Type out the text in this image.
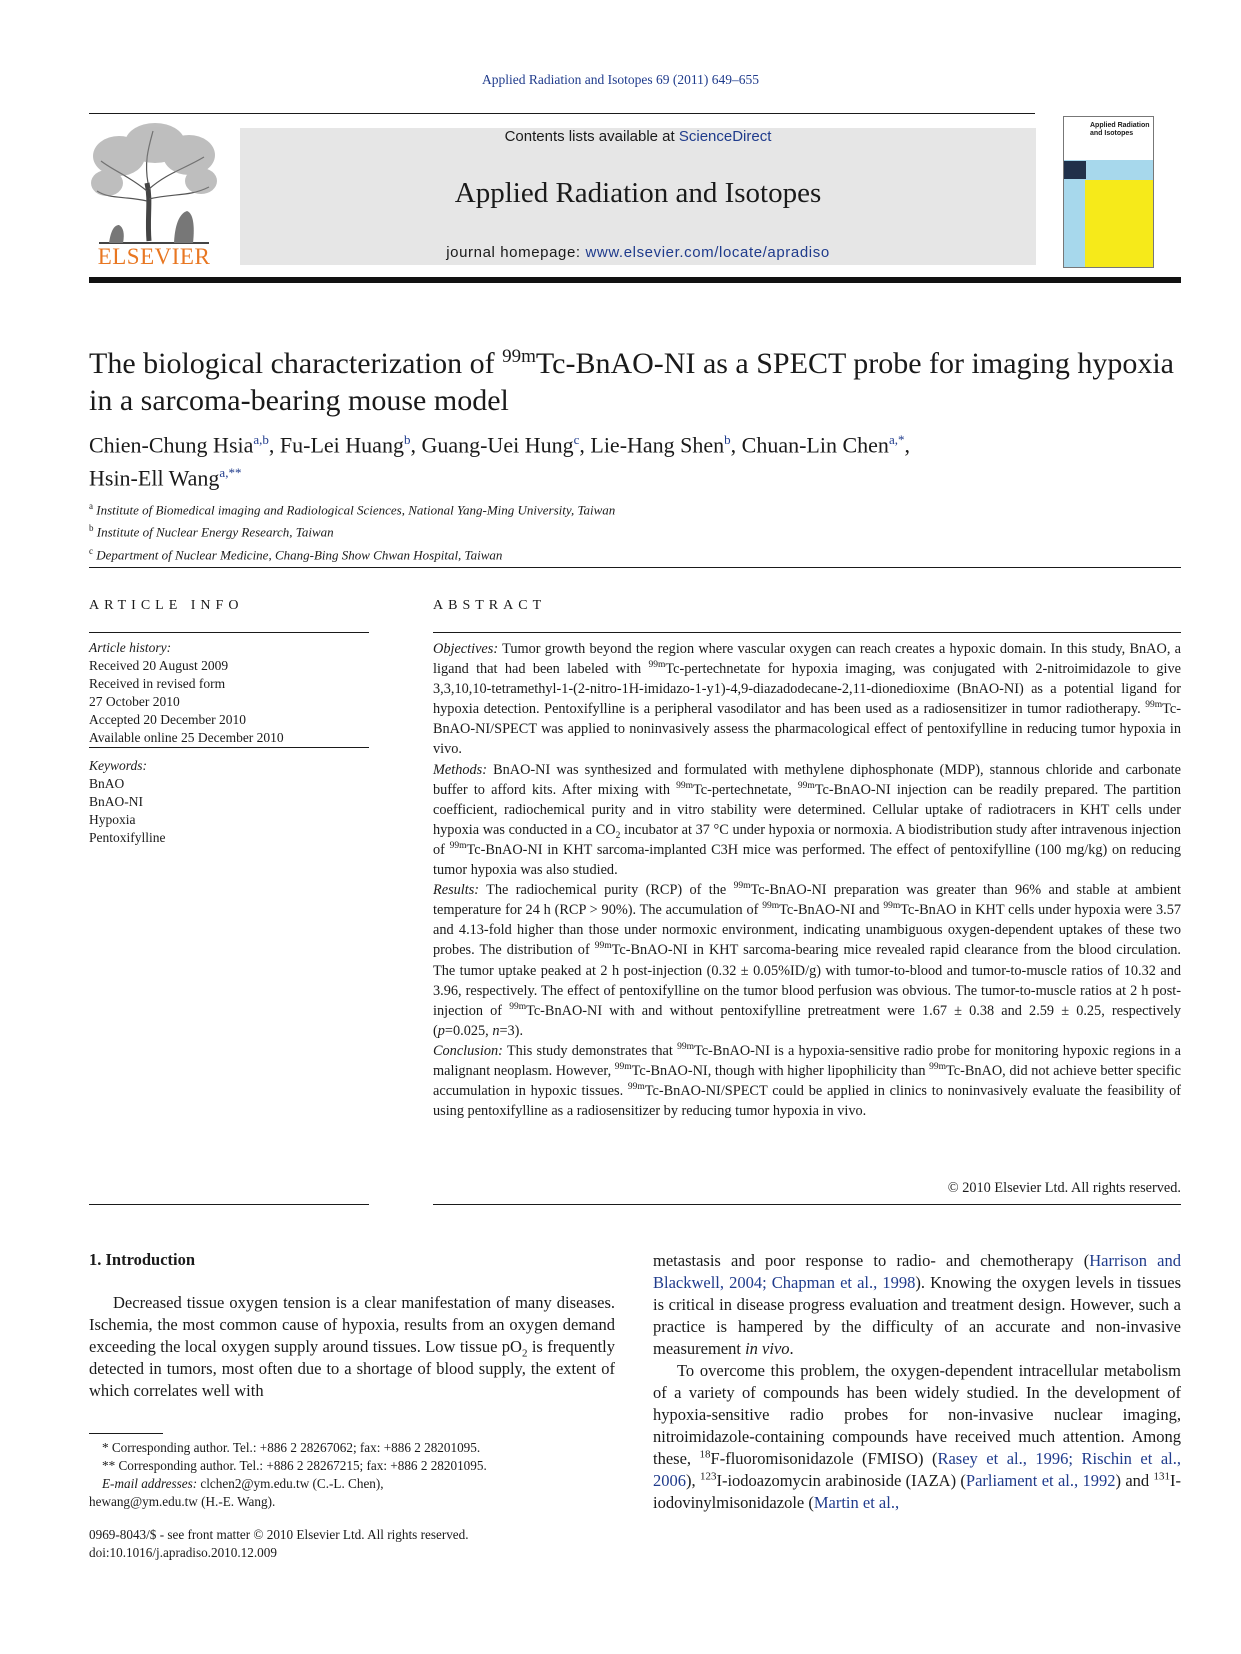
Applied Radiation and Isotopes 69 (2011) 649–655
ELSEVIER
Contents lists available at ScienceDirect
Applied Radiation and Isotopes
journal homepage: www.elsevier.com/locate/apradiso
Applied Radiation and Isotopes
The biological characterization of $^{99m}$Tc-BnAO-NI as a SPECT probe for imaging hypoxia in a sarcoma-bearing mouse model
Chien-Chung Hsia$^{a,b}$, Fu-Lei Huang$^b$, Guang-Uei Hung$^c$, Lie-Hang Shen$^b$, Chuan-Lin Chen$^{a,*}$,
Hsin-Ell Wang$^{a,**}$
$^a$ Institute of Biomedical imaging and Radiological Sciences, National Yang-Ming University, Taiwan
$^b$ Institute of Nuclear Energy Research, Taiwan
$^c$ Department of Nuclear Medicine, Chang-Bing Show Chwan Hospital, Taiwan
ARTICLE INFO
Article history:
Received 20 August 2009
Received in revised form
27 October 2010
Accepted 20 December 2010
Available online 25 December 2010
Keywords:
BnAO
BnAO-NI
Hypoxia
Pentoxifylline
ABSTRACT

Objectives: Tumor growth beyond the region where vascular oxygen can reach creates a hypoxic domain. In this study, BnAO, a ligand that had been labeled with $^{99m}$Tc-pertechnetate for hypoxia imaging, was conjugated with 2-nitroimidazole to give 3,3,10,10-tetramethyl-1-(2-nitro-1H-imidazo-1-y1)-4,9-diazadodecane-2,11-dionedioxime (BnAO-NI) as a potential ligand for hypoxia detection. Pentoxifylline is a peripheral vasodilator and has been used as a radiosensitizer in tumor radiotherapy. $^{99m}$Tc-BnAO-NI/SPECT was applied to noninvasively assess the pharmacological effect of pentoxifylline in reducing tumor hypoxia in vivo.

Methods: BnAO-NI was synthesized and formulated with methylene diphosphonate (MDP), stannous chloride and carbonate buffer to afford kits. After mixing with $^{99m}$Tc-pertechnetate, $^{99m}$Tc-BnAO-NI injection can be readily prepared. The partition coefficient, radiochemical purity and in vitro stability were determined. Cellular uptake of radiotracers in KHT cells under hypoxia was conducted in a $CO_2$ incubator at 37 °C under hypoxia or normoxia. A biodistribution study after intravenous injection of $^{99m}$Tc-BnAO-NI in KHT sarcoma-implanted C3H mice was performed. The effect of pentoxifylline (100 mg/kg) on reducing tumor hypoxia was also studied.

Results: The radiochemical purity (RCP) of the $^{99m}$Tc-BnAO-NI preparation was greater than 96% and stable at ambient temperature for 24 h (RCP > 90%). The accumulation of $^{99m}$Tc-BnAO-NI and $^{99m}$Tc-BnAO in KHT cells under hypoxia were 3.57 and 4.13-fold higher than those under normoxic environment, indicating unambiguous oxygen-dependent uptakes of these two probes. The distribution of $^{99m}$Tc-BnAO-NI in KHT sarcoma-bearing mice revealed rapid clearance from the blood circulation. The tumor uptake peaked at 2 h post-injection (0.32 ± 0.05%ID/g) with tumor-to-blood and tumor-to-muscle ratios of 10.32 and 3.96, respectively. The effect of pentoxifylline on the tumor blood perfusion was obvious. The tumor-to-muscle ratios at 2 h post-injection of $^{99m}$Tc-BnAO-NI with and without pentoxifylline pretreatment were 1.67 ± 0.38 and 2.59 ± 0.25, respectively (p=0.025, n=3).

Conclusion: This study demonstrates that $^{99m}$Tc-BnAO-NI is a hypoxia-sensitive radio probe for monitoring hypoxic regions in a malignant neoplasm. However, $^{99m}$Tc-BnAO-NI, though with higher lipophilicity than $^{99m}$Tc-BnAO, did not achieve better specific accumulation in hypoxic tissues. $^{99m}$Tc-BnAO-NI/SPECT could be applied in clinics to noninvasively evaluate the feasibility of using pentoxifylline as a radiosensitizer by reducing tumor hypoxia in vivo.

© 2010 Elsevier Ltd. All rights reserved.
1. Introduction
Decreased tissue oxygen tension is a clear manifestation of many diseases. Ischemia, the most common cause of hypoxia, results from an oxygen demand exceeding the local oxygen supply around tissues. Low tissue $pO_2$ is frequently detected in tumors, most often due to a shortage of blood supply, the extent of which correlates well with

metastasis and poor response to radio- and chemotherapy (Harrison and Blackwell, 2004; Chapman et al., 1998). Knowing the oxygen levels in tissues is critical in disease progress evaluation and treatment design. However, such a practice is hampered by the difficulty of an accurate and non-invasive measurement in vivo.

To overcome this problem, the oxygen-dependent intracellular metabolism of a variety of compounds has been widely studied. In the development of hypoxia-sensitive radio probes for non-invasive nuclear imaging, nitroimidazole-containing compounds have received much attention. Among these, $^{18}$F-fluoromisonidazole (FMISO) (Rasey et al., 1996; Rischin et al., 2006), $^{123}$I-iodoazomycin arabinoside (IAZA) (Parliament et al., 1992) and $^{131}$I-iodovinylmisonidazole (Martin et al.,

* Corresponding author. Tel.: +886 2 28267062; fax: +886 2 28201095.
** Corresponding author. Tel.: +886 2 28267215; fax: +886 2 28201095.
E-mail addresses: clchen2@ym.edu.tw (C.-L. Chen),
hewang@ym.edu.tw (H.-E. Wang).
0969-8043/$ - see front matter © 2010 Elsevier Ltd. All rights reserved.
doi:10.1016/j.apradiso.2010.12.009
